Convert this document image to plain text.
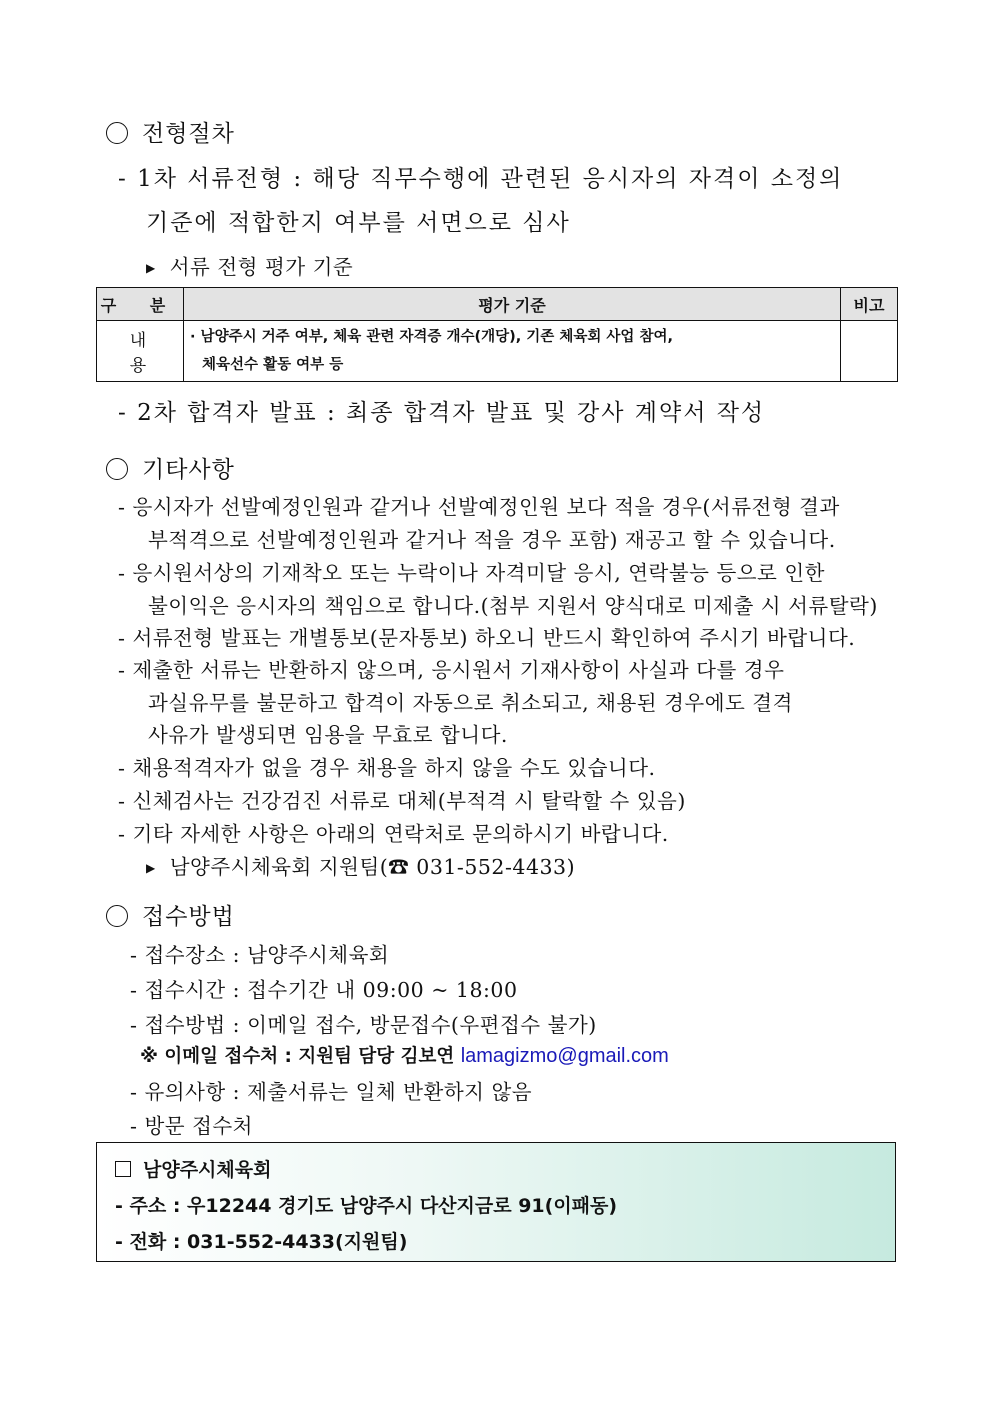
전형절차
- 1차 서류전형 : 해당 직무수행에 관련된 응시자의 자격이 소정의
기준에 적합한지 여부를 서면으로 심사
▶ 서류 전형 평가 기준
구 분	평가 기준	비고
내 용	· 남양주시 거주 여부, 체육 관련 자격증 개수(개당), 기존 체육회 사업 참여,
체육선수 활동 여부 등	

- 2차 합격자 발표 : 최종 합격자 발표 및 강사 계약서 작성
기타사항
- 응시자가 선발예정인원과 같거나 선발예정인원 보다 적을 경우(서류전형 결과
부적격으로 선발예정인원과 같거나 적을 경우 포함) 재공고 할 수 있습니다.
- 응시원서상의 기재착오 또는 누락이나 자격미달 응시, 연락불능 등으로 인한
불이익은 응시자의 책임으로 합니다.(첨부 지원서 양식대로 미제출 시 서류탈락)
- 서류전형 발표는 개별통보(문자통보) 하오니 반드시 확인하여 주시기 바랍니다.
- 제출한 서류는 반환하지 않으며, 응시원서 기재사항이 사실과 다를 경우
과실유무를 불문하고 합격이 자동으로 취소되고, 채용된 경우에도 결격
사유가 발생되면 임용을 무효로 합니다.
- 채용적격자가 없을 경우 채용을 하지 않을 수도 있습니다.
- 신체검사는 건강검진 서류로 대체(부적격 시 탈락할 수 있음)
- 기타 자세한 사항은 아래의 연락처로 문의하시기 바랍니다.
▶ 남양주시체육회 지원팀(☎ 031-552-4433)
접수방법
- 접수장소 : 남양주시체육회
- 접수시간 : 접수기간 내 09:00 ~ 18:00
- 접수방법 : 이메일 접수, 방문접수(우편접수 불가)
※ 이메일 접수처 : 지원팀 담당 김보연 lamagizmo@gmail.com
- 유의사항 : 제출서류는 일체 반환하지 않음
- 방문 접수처
남양주시체육회
- 주소 : 우12244 경기도 남양주시 다산지금로 91(이패동)
- 전화 : 031-552-4433(지원팀)
